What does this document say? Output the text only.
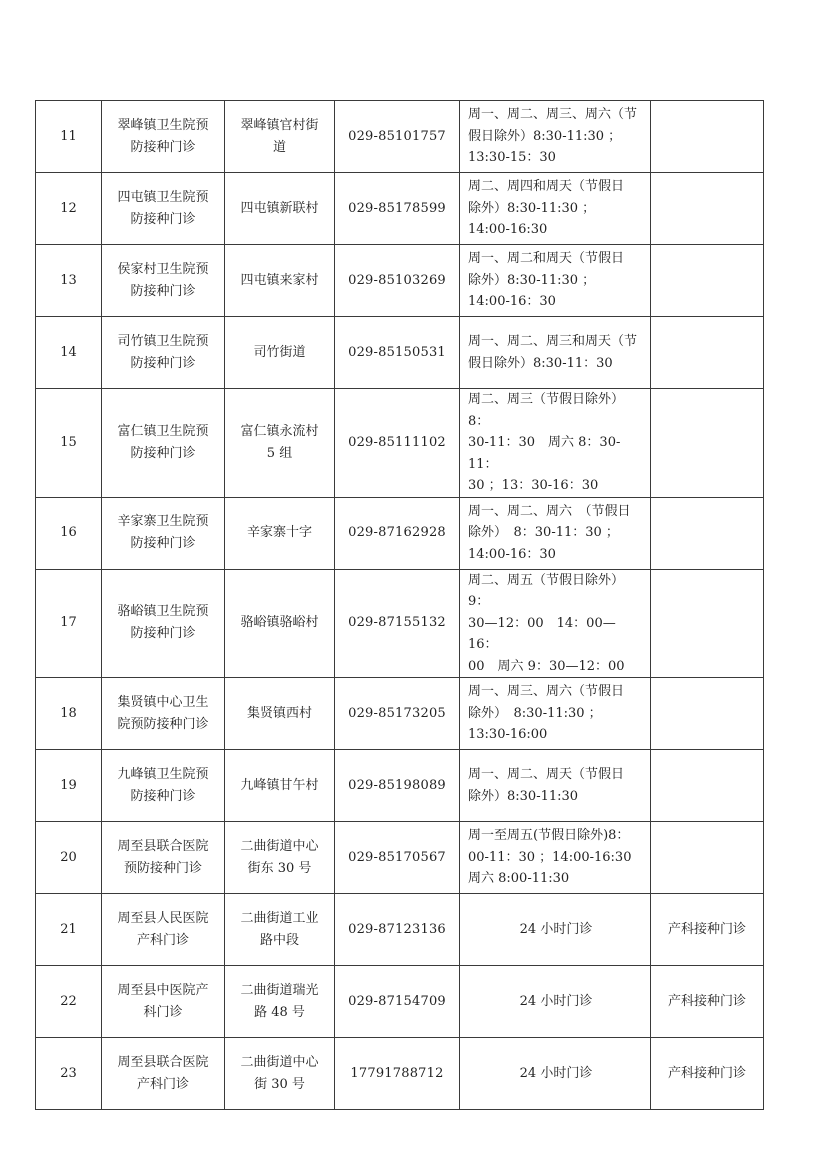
11	翠峰镇卫生院预
防接种门诊	翠峰镇官村街
道	029-85101757	周一、周二、周三、周六（节
假日除外）8:30-11:30 ；
13:30-15：30	
12	四屯镇卫生院预
防接种门诊	四屯镇新联村	029-85178599	周二、周四和周天（节假日
除外）8:30-11:30 ；
14:00-16:30	
13	侯家村卫生院预
防接种门诊	四屯镇来家村	029-85103269	周一、周二和周天（节假日
除外）8:30-11:30 ；
14:00-16：30	
14	司竹镇卫生院预
防接种门诊	司竹街道	029-85150531	周一、周二、周三和周天（节
假日除外）8:30-11：30	
15	富仁镇卫生院预
防接种门诊	富仁镇永流村
5 组	029-85111102	周二、周三（节假日除外）8：
30-11：30　周六 8：30-11：
30 ；13：30-16：30	
16	辛家寨卫生院预
防接种门诊	辛家寨十字	029-87162928	周一、周二、周六　（节假日
除外）　8：30-11：30 ；
14:00-16：30	
17	骆峪镇卫生院预
防接种门诊	骆峪镇骆峪村	029-87155132	周二、周五（节假日除外）9：
30—12：00　14：00—16：
00　周六 9：30—12：00	
18	集贤镇中心卫生
院预防接种门诊	集贤镇西村	029-85173205	周一、周三、周六（节假日
除外）　8:30-11:30 ；
13:30-16:00	
19	九峰镇卫生院预
防接种门诊	九峰镇甘午村	029-85198089	周一、周二、周天（节假日
除外）8:30-11:30	
20	周至县联合医院
预防接种门诊	二曲街道中心
街东 30 号	029-85170567	周一至周五(节假日除外)8：
00-11：30 ；14:00-16:30
周六 8:00-11:30	
21	周至县人民医院
产科门诊	二曲街道工业
路中段	029-87123136	24 小时门诊	产科接种门诊
22	周至县中医院产
科门诊	二曲街道瑞光
路 48 号	029-87154709	24 小时门诊	产科接种门诊
23	周至县联合医院
产科门诊	二曲街道中心
街 30 号	17791788712	24 小时门诊	产科接种门诊
